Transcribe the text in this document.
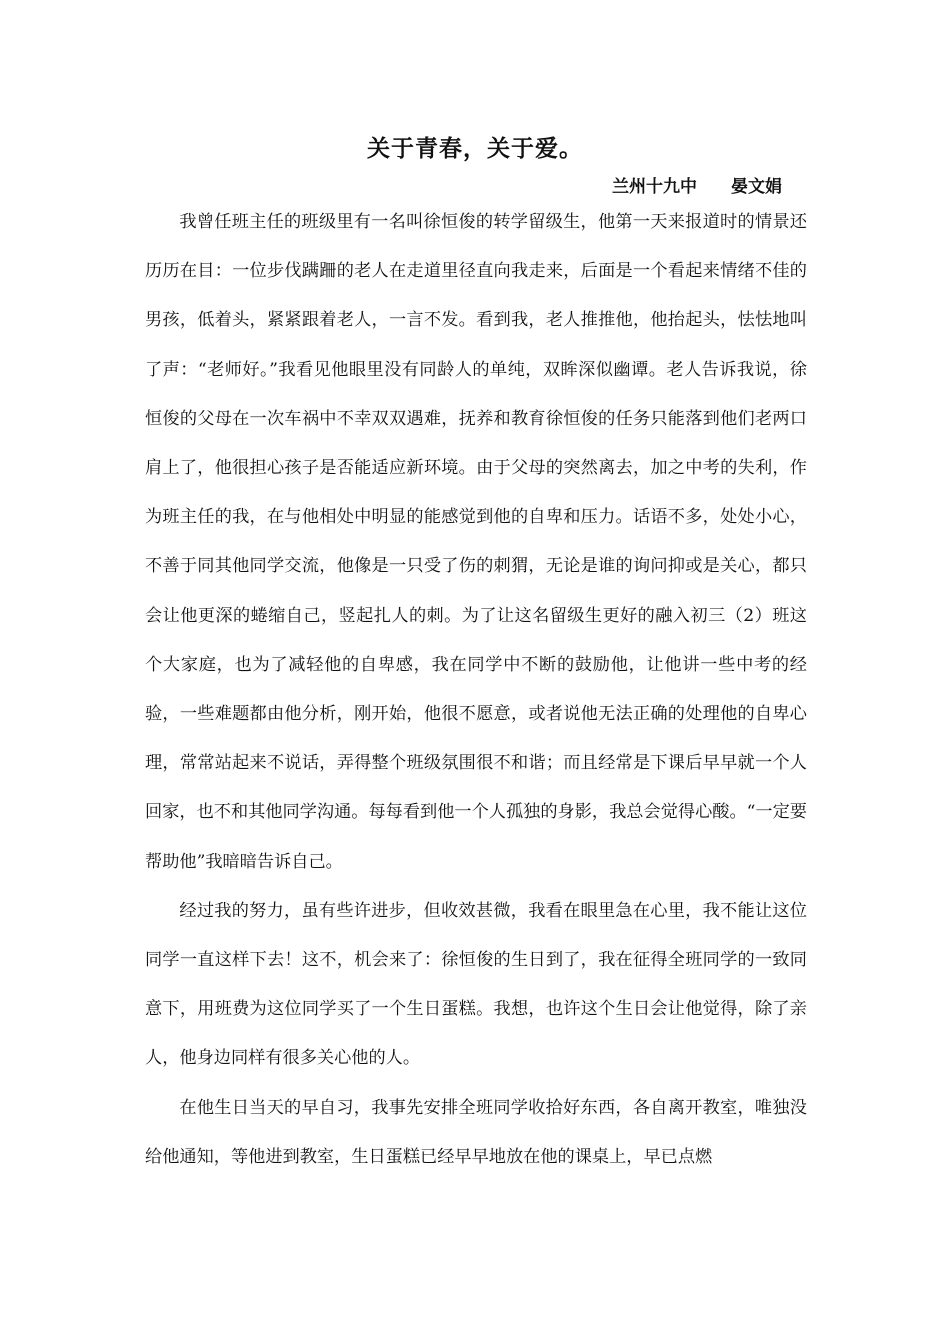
关于青春，关于爱。
兰州十九中 晏文娟

我曾任班主任的班级里有一名叫徐恒俊的转学留级生，他第一天来报道时的情景还历历在目：一位步伐蹒跚的老人在走道里径直向我走来，后面是一个看起来情绪不佳的男孩，低着头，紧紧跟着老人，一言不发。看到我，老人推推他，他抬起头，怯怯地叫了声：“老师好。”我看见他眼里没有同龄人的单纯，双眸深似幽谭。老人告诉我说，徐恒俊的父母在一次车祸中不幸双双遇难，抚养和教育徐恒俊的任务只能落到他们老两口肩上了，他很担心孩子是否能适应新环境。由于父母的突然离去，加之中考的失利，作为班主任的我，在与他相处中明显的能感觉到他的自卑和压力。话语不多，处处小心，不善于同其他同学交流，他像是一只受了伤的刺猬，无论是谁的询问抑或是关心，都只会让他更深的蜷缩自己，竖起扎人的刺。为了让这名留级生更好的融入初三（2）班这个大家庭，也为了减轻他的自卑感，我在同学中不断的鼓励他，让他讲一些中考的经验，一些难题都由他分析，刚开始，他很不愿意，或者说他无法正确的处理他的自卑心理，常常站起来不说话，弄得整个班级氛围很不和谐；而且经常是下课后早早就一个人回家，也不和其他同学沟通。每每看到他一个人孤独的身影，我总会觉得心酸。“一定要帮助他”我暗暗告诉自己。

经过我的努力，虽有些许进步，但收效甚微，我看在眼里急在心里，我不能让这位同学一直这样下去！这不，机会来了：徐恒俊的生日到了，我在征得全班同学的一致同意下，用班费为这位同学买了一个生日蛋糕。我想，也许这个生日会让他觉得，除了亲人，他身边同样有很多关心他的人。

在他生日当天的早自习，我事先安排全班同学收拾好东西，各自离开教室，唯独没给他通知，等他进到教室，生日蛋糕已经早早地放在他的课桌上，早已点燃
